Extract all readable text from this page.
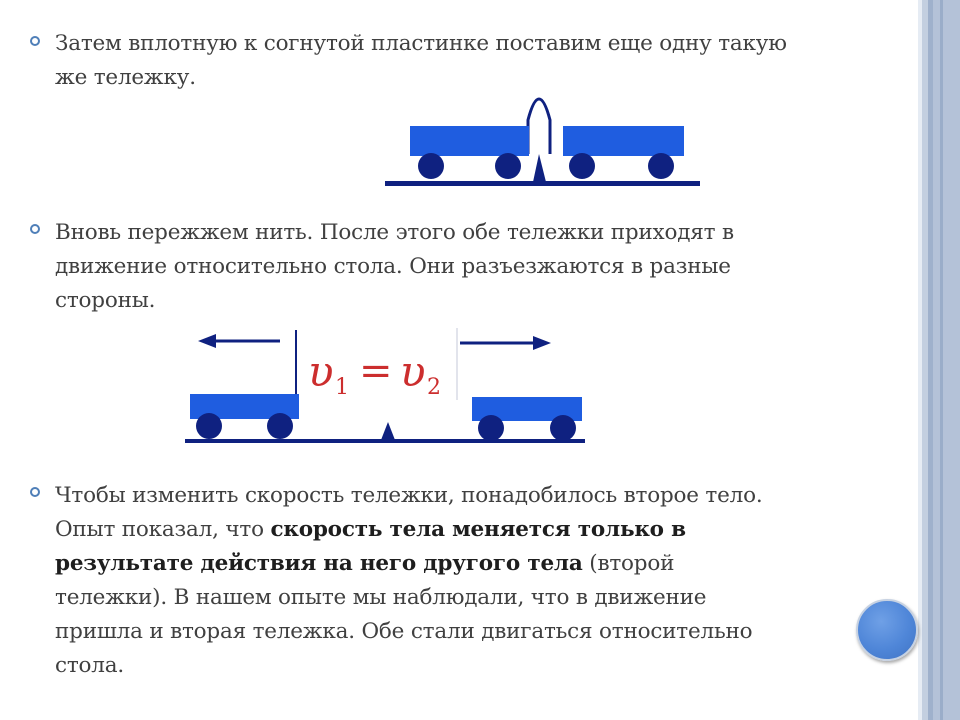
Затем вплотную к согнутой пластинке поставим еще одну такую
же тележку.
Вновь пережжем нить. После этого обе тележки приходят в
движение относительно стола. Они разъезжаются в разные
стороны.
υ 1 = υ 2
Чтобы изменить скорость тележки, понадобилось второе тело.
Опыт показал, что скорость тела меняется только в
результате действия на него другого тела (второй
тележки). В нашем опыте мы наблюдали, что в движение
пришла и вторая тележка. Обе стали двигаться относительно
стола.
